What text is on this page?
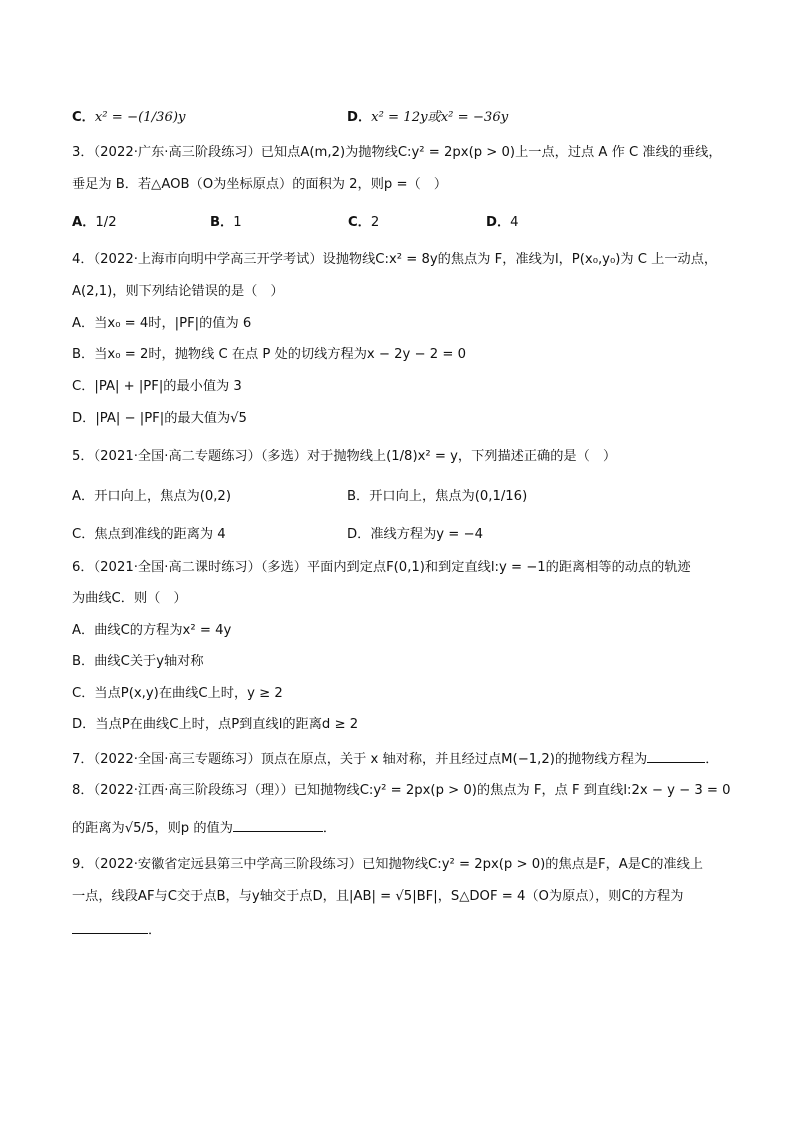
C．x² = −(1/36)y	D．x² = 12y或x² = −36y
3．（2022·广东·高三阶段练习）已知点A(m,2)为抛物线C:y² = 2px(p > 0)上一点，过点 A 作 C 准线的垂线，
垂足为 B．若△AOB（O为坐标原点）的面积为 2，则p =（　）
A．1/2	B．1	C．2	D．4
4．（2022·上海市向明中学高三开学考试）设抛物线C:x² = 8y的焦点为 F，准线为l，P(x₀,y₀)为 C 上一动点，
A(2,1)，则下列结论错误的是（　）
A．当x₀ = 4时，|PF|的值为 6
B．当x₀ = 2时，抛物线 C 在点 P 处的切线方程为x − 2y − 2 = 0
C．|PA| + |PF|的最小值为 3
D．|PA| − |PF|的最大值为√5
5．（2021·全国·高二专题练习）（多选）对于抛物线上(1/8)x² = y，下列描述正确的是（　）
A．开口向上，焦点为(0,2)	B．开口向上，焦点为(0,1/16)
C．焦点到准线的距离为 4	D．准线方程为y = −4
6．（2021·全国·高二课时练习）（多选）平面内到定点F(0,1)和到定直线l:y = −1的距离相等的动点的轨迹
为曲线C．则（　）
A．曲线C的方程为x² = 4y
B．曲线C关于y轴对称
C．当点P(x,y)在曲线C上时，y ≥ 2
D．当点P在曲线C上时，点P到直线l的距离d ≥ 2
7．（2022·全国·高三专题练习）顶点在原点，关于 x 轴对称，并且经过点M(−1,2)的抛物线方程为	．
8．（2022·江西·高三阶段练习（理））已知抛物线C:y² = 2px(p > 0)的焦点为 F，点 F 到直线l:2x − y − 3 = 0
的距离为√5/5，则p 的值为	．
9．（2022·安徽省定远县第三中学高三阶段练习）已知抛物线C:y² = 2px(p > 0)的焦点是F，A是C的准线上
一点，线段AF与C交于点B，与y轴交于点D，且|AB| = √5|BF|，S△DOF = 4（O为原点），则C的方程为
．
